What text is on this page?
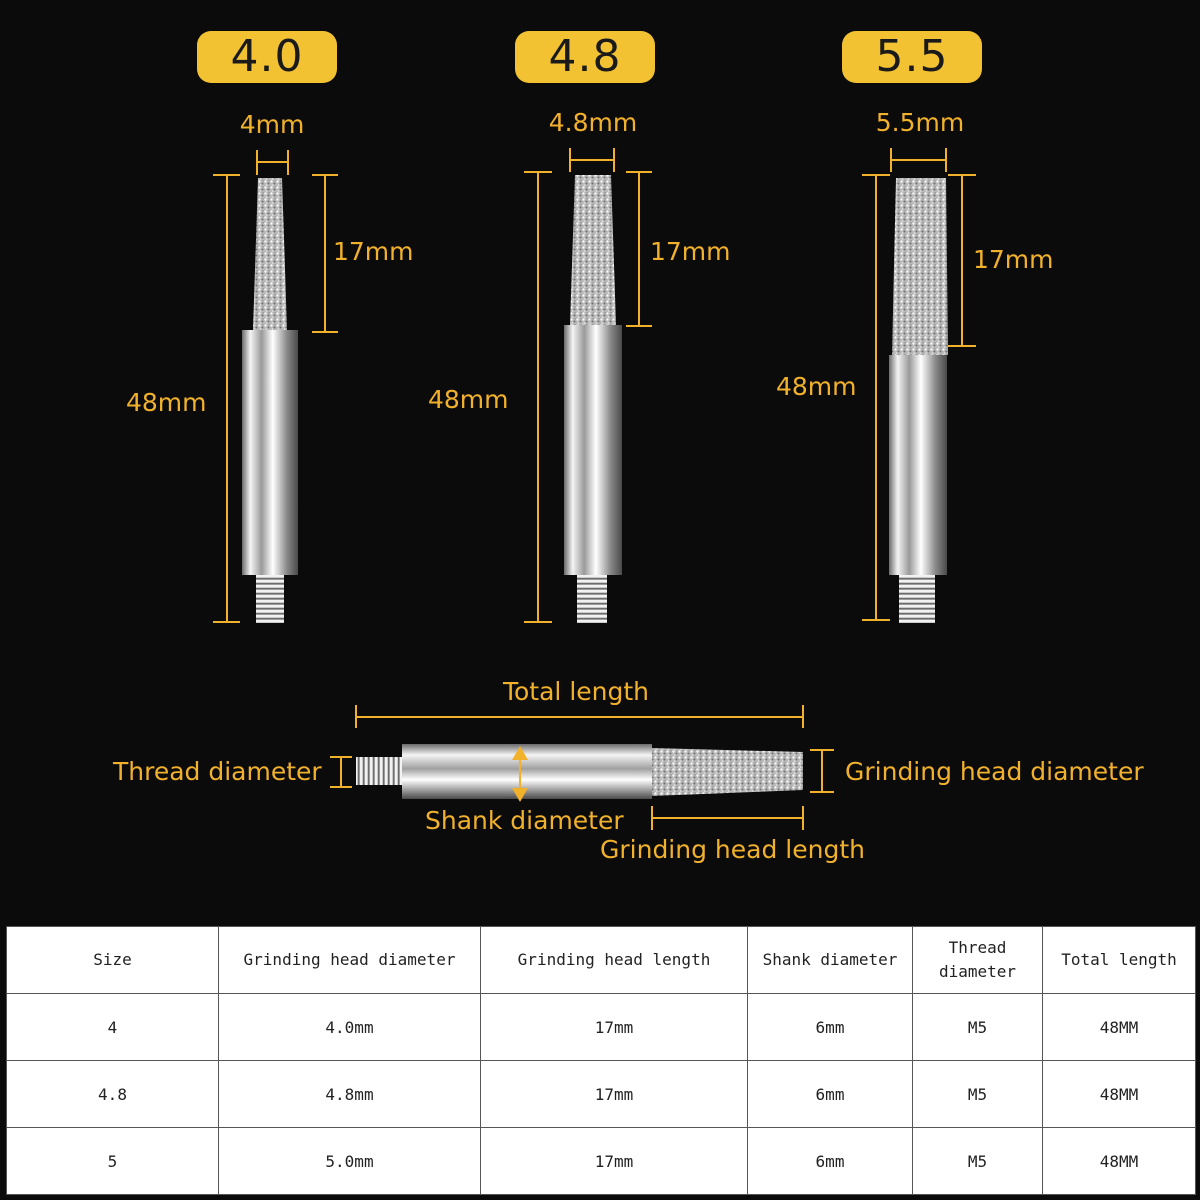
4.0	4.8	5.5
4mm
17mm
48mm
4.8mm
17mm
48mm
5.5mm
17mm
48mm
Total length
Thread diameter
Shank diameter
Grinding head diameter
Grinding head length
Size	Grinding head diameter	Grinding head length	Shank diameter	Thread diameter	Total length
4	4.0mm	17mm	6mm	M5	48MM
4.8	4.8mm	17mm	6mm	M5	48MM
5	5.0mm	17mm	6mm	M5	48MM
